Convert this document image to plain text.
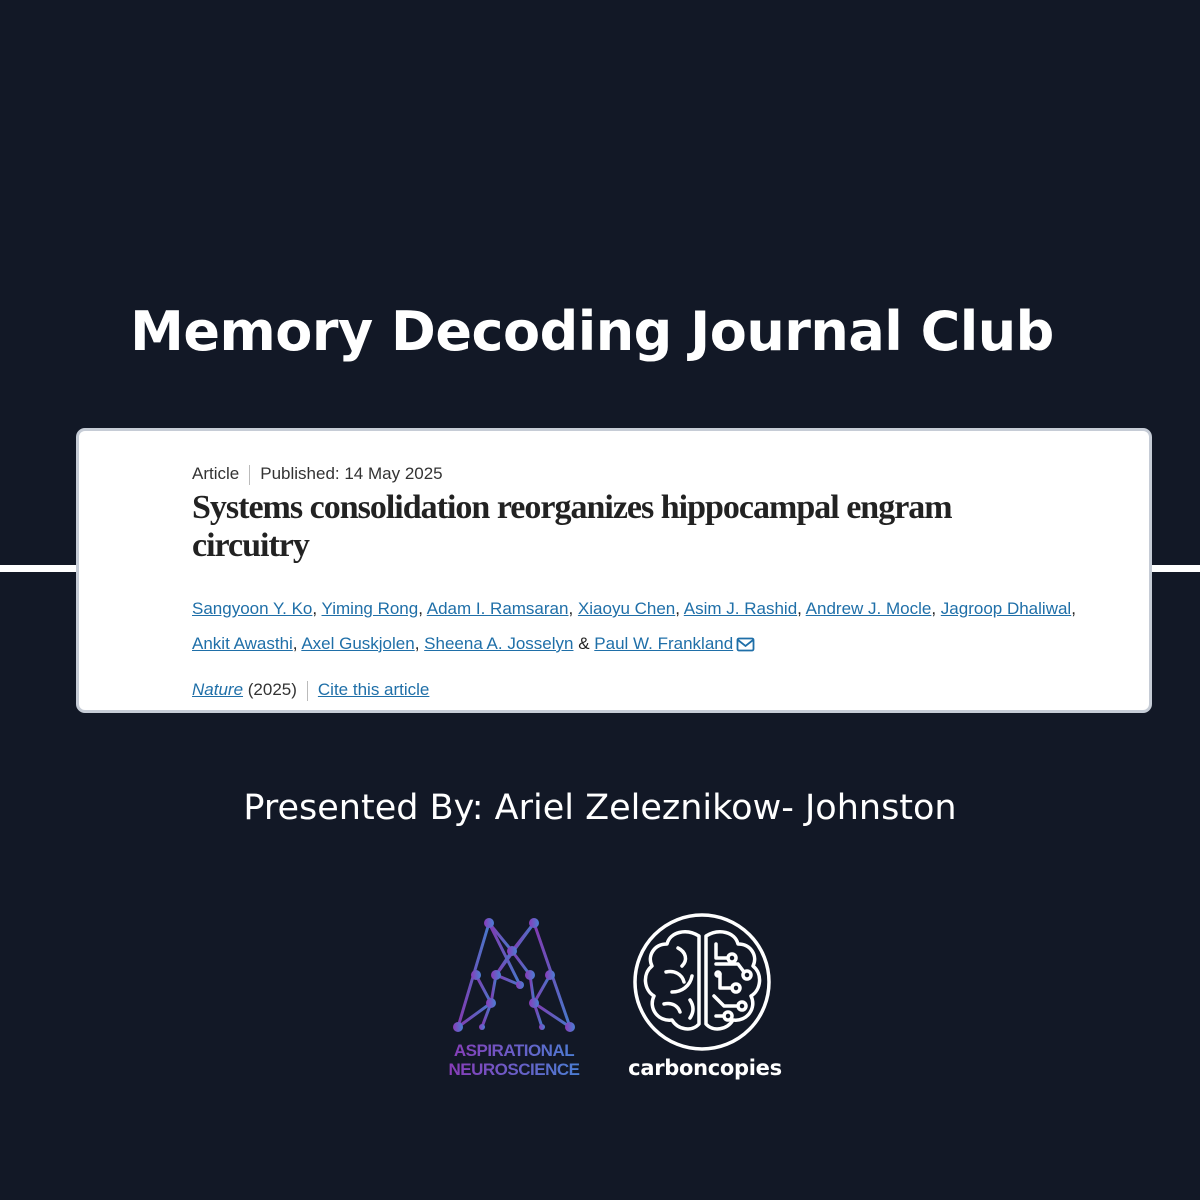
Memory Decoding Journal Club
Article Published: 14 May 2025
Systems consolidation reorganizes hippocampal engram circuitry
Sangyoon Y. Ko, Yiming Rong, Adam I. Ramsaran, Xiaoyu Chen, Asim J. Rashid, Andrew J. Mocle, Jagroop Dhaliwal, Ankit Awasthi, Axel Guskjolen, Sheena A. Josselyn & Paul W. Frankland
Nature (2025) Cite this article
Presented By: Ariel Zeleznikow- Johnston
ASPIRATIONAL
NEUROSCIENCE	carboncopies
